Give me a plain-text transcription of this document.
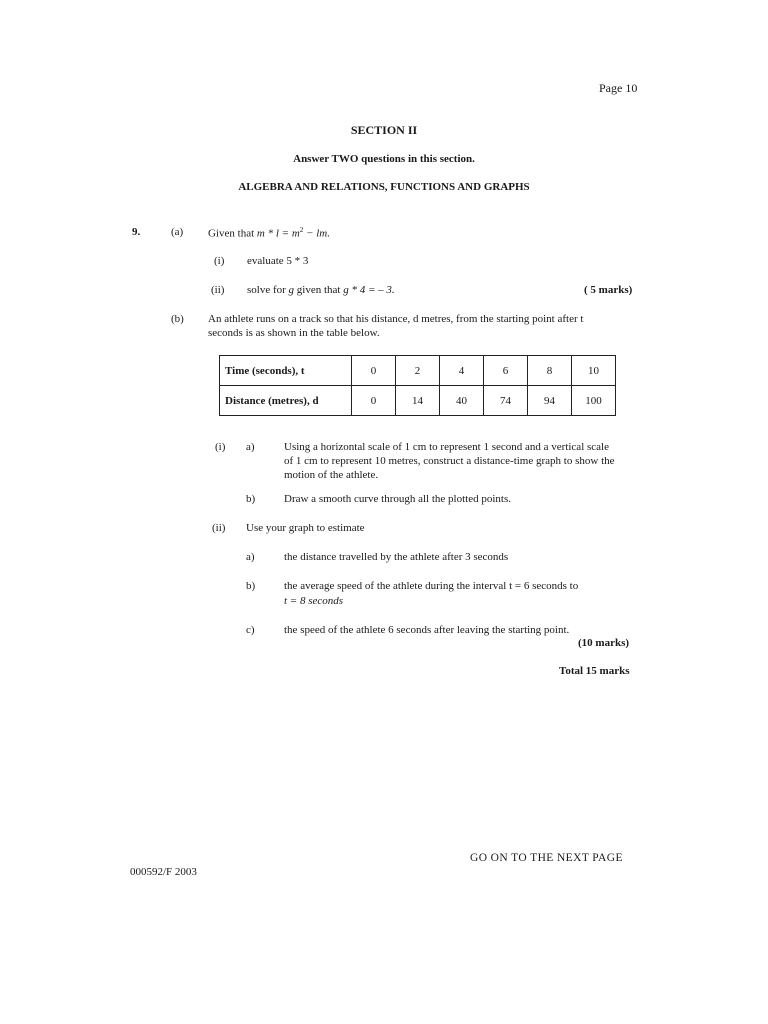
Page 10
SECTION II
Answer TWO questions in this section.
ALGEBRA AND RELATIONS, FUNCTIONS AND GRAPHS
9.	(a) Given that $m * l = m^2$ − lm.
(i) evaluate 5 * 3
(ii) solve for g given that g * 4 = – 3.	( 5 marks)
(b) An athlete runs on a track so that his distance, d metres, from the starting point after t
seconds is as shown in the table below.
Time (seconds), t	0	2	4	6	8	10
Distance (metres), d	0	14	40	74	94	100
(i) a)	Using a horizontal scale of 1 cm to represent 1 second and a vertical scale
of 1 cm to represent 10 metres, construct a distance-time graph to show the
motion of the athlete.
b)	Draw a smooth curve through all the plotted points.
(ii) Use your graph to estimate
a)	the distance travelled by the athlete after 3 seconds
b)	the average speed of the athlete during the interval t = 6 seconds to
t = 8 seconds
c)	the speed of the athlete 6 seconds after leaving the starting point.
(10 marks)
Total 15 marks
GO ON TO THE NEXT PAGE
000592/F 2003
